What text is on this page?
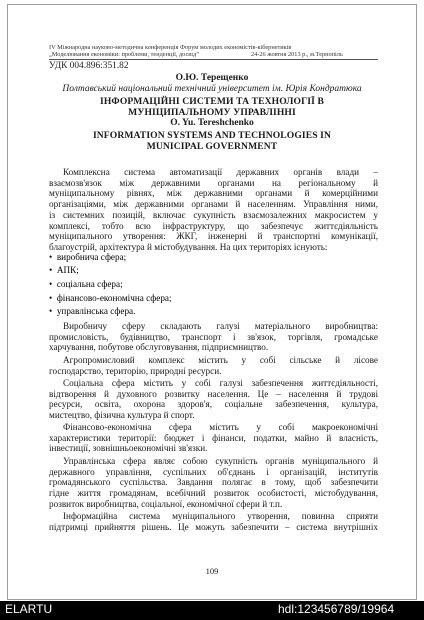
IV Міжнародна науково-методична конференція Форум молодих економістів-кібернетиків
„Моделювання економіки: проблеми, тенденції, досвід”	24-26 жовтня 2013 р., м.Тернопіль
УДК 004.896:351.82
О.Ю. Терещенко
Полтавський національний технічний університет ім. Юрія Кондратюка
ІНФОРМАЦІЙНІ СИСТЕМИ ТА ТЕХНОЛОГІЇ В
МУНІЦИПАЛЬНОМУ УПРАВЛІННІ
O. Yu. Tereshchenko
INFORMATION SYSTEMS AND TECHNOLOGIES IN
MUNICIPAL GOVERNMENT
Комплексна система автоматизації державних органів влади –
взаємозв'язок між державними органами на регіональному й
муніципальному рівнях, між державними органами й комерційними
організаціями, між державними органами й населенням. Управління ними,
із системних позицій, включає сукупність взаємозалежних макросистем у
комплексі, тобто всю інфраструктуру, що забезпечує життєдіяльність
муніципального утворення: ЖКГ, інженерні й транспортні комунікації,
благоустрій, архітектура й містобудування. На цих територіях існують:
•  виробнича сфера;
•  АПК;
•  соціальна сфера;
•  фінансово-економічна сфера;
•  управлінська сфера.
Виробничу сферу складають галузі матеріального виробництва:
промисловість, будівництво, транспорт і зв'язок, торгівля, громадське
харчування, побутове обслуговування, підприємництво.
Агропромисловий комплекс містить у собі сільське й лісове
господарство, територію, природні ресурси.
Соціальна сфера містить у собі галузі забезпечення життєдіяльності,
відтворення й духовного розвитку населення. Це – населення й трудові
ресурси, освіта, охорона здоров'я, соціальне забезпечення, культура,
мистецтво, фізична культура й спорт.
Фінансово-економічна сфера містить у собі макроекономічні
характеристики території: бюджет і фінанси, податки, майно й власність,
інвестиції, зовнішньоекономічні зв'язки.
Управлінська сфера являє собою сукупність органів муніципального й
державного управління, суспільних об'єднань і організацій, інститутів
громадянського суспільства. Завдання полягає в тому, щоб забезпечити
гідне життя громадянам, всебічний розвиток особистості, містобудування,
розвиток виробництва, соціальної, економічної сфери й т.п.
Інформаційна система муніципального утворення, повинна сприяти
підтримці прийняття рішень. Це можуть забезпечити – система внутрішніх
109
ELARTU	hdl:123456789/19964
